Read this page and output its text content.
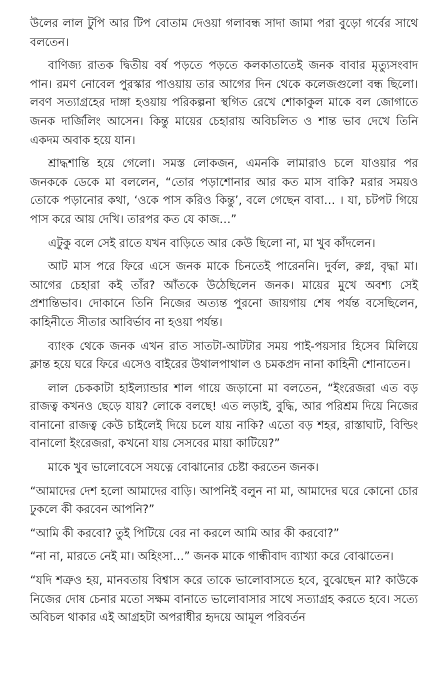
উলের লাল টুপি আর টিপ বোতাম দেওয়া গলাবন্ধ সাদা জামা পরা বুড়ো গর্বের সাথে বলতেন।

বাণিজ্য রাতক দ্বিতীয় বর্ষ পড়তে পড়তে কলকাতাতেই জনক বাবার মৃত্যুসংবাদ পান। রমণ নোবেল পুরস্কার পাওয়ায় তার আগের দিন থেকে কলেজগুলো বন্ধ ছিলো। লবণ সত্যাগ্রহের দাঙ্গা হওয়ায় পরিকল্পনা স্থগিত রেখে শোকাকুল মাকে বল জোগাতে জনক দার্জিলিং আসেন। কিন্তু মায়ের চেহারায় অবিচলিত ও শান্ত ভাব দেখে তিনি একদম অবাক হয়ে যান।

শ্রাদ্ধশান্তি হয়ে গেলো। সমস্ত লোকজন, এমনকি লামারাও চলে যাওয়ার পর জনককে ডেকে মা বললেন, “তোর পড়াশোনার আর কত মাস বাকি? মরার সময়ও তোকে পড়ানোর কথা, ‘ওকে পাস করিও কিন্তু’, বলে গেছেন বাবা… । যা, চটপট গিয়ে পাস করে আয় দেখি। তারপর কত যে কাজ…”

এটুকু বলে সেই রাতে যখন বাড়িতে আর কেউ ছিলো না, মা খুব কাঁদলেন।

আট মাস পরে ফিরে এসে জনক মাকে চিনতেই পারেননি। দুর্বল, রুগ্ন, বৃদ্ধা মা। আগের চেহারা কই তাঁর? আঁতকে উঠেছিলেন জনক। মায়ের মুখে অবশ্য সেই প্রশান্তিভাব। দোকানে তিনি নিজের অত্যন্ত পুরনো জায়গায় শেষ পর্যন্ত বসেছিলেন, কাহিনীতে সীতার আবির্ভাব না হওয়া পর্যন্ত।

ব্যাংক থেকে জনক এখন রাত সাতটা-আটটার সময় পাই-পয়সার হিসেব মিলিয়ে ক্লান্ত হয়ে ঘরে ফিরে এসেও বাইরের উথালপাথাল ও চমকপ্রদ নানা কাহিনী শোনাতেন।

লাল চেককাটা হাইল্যান্ডার শাল গায়ে জড়ানো মা বলতেন, “ইংরেজরা এত বড় রাজত্ব কখনও ছেড়ে যায়? লোকে বলছে! এত লড়াই, বুদ্ধি, আর পরিশ্রম দিয়ে নিজের বানানো রাজত্ব কেউ চাইলেই দিয়ে চলে যায় নাকি? এতো বড় শহর, রাস্তাঘাট, বিল্ডিং বানালো ইংরেজরা, কখনো যায় সেসবের মায়া কাটিয়ে?”

মাকে খুব ভালোবেসে সযত্নে বোঝানোর চেষ্টা করতেন জনক।

“আমাদের দেশ হলো আমাদের বাড়ি। আপনিই বলুন না মা, আমাদের ঘরে কোনো চোর ঢুকলে কী করবেন আপনি?”

“আমি কী করবো? তুই পিটিয়ে বের না করলে আমি আর কী করবো?”

“না না, মারতে নেই মা। অহিংসা…” জনক মাকে গান্ধীবাদ ব্যাখ্যা করে বোঝাতেন।

“যদি শত্রুও হয়, মানবতায় বিশ্বাস করে তাকে ভালোবাসতে হবে, বুঝেছেন মা? কাউকে নিজের দোষ চেনার মতো সক্ষম বানাতে ভালোবাসার সাথে সত্যাগ্রহ করতে হবে। সত্যে অবিচল থাকার এই আগ্রহটা অপরাধীর হৃদয়ে আমূল পরিবর্তন
